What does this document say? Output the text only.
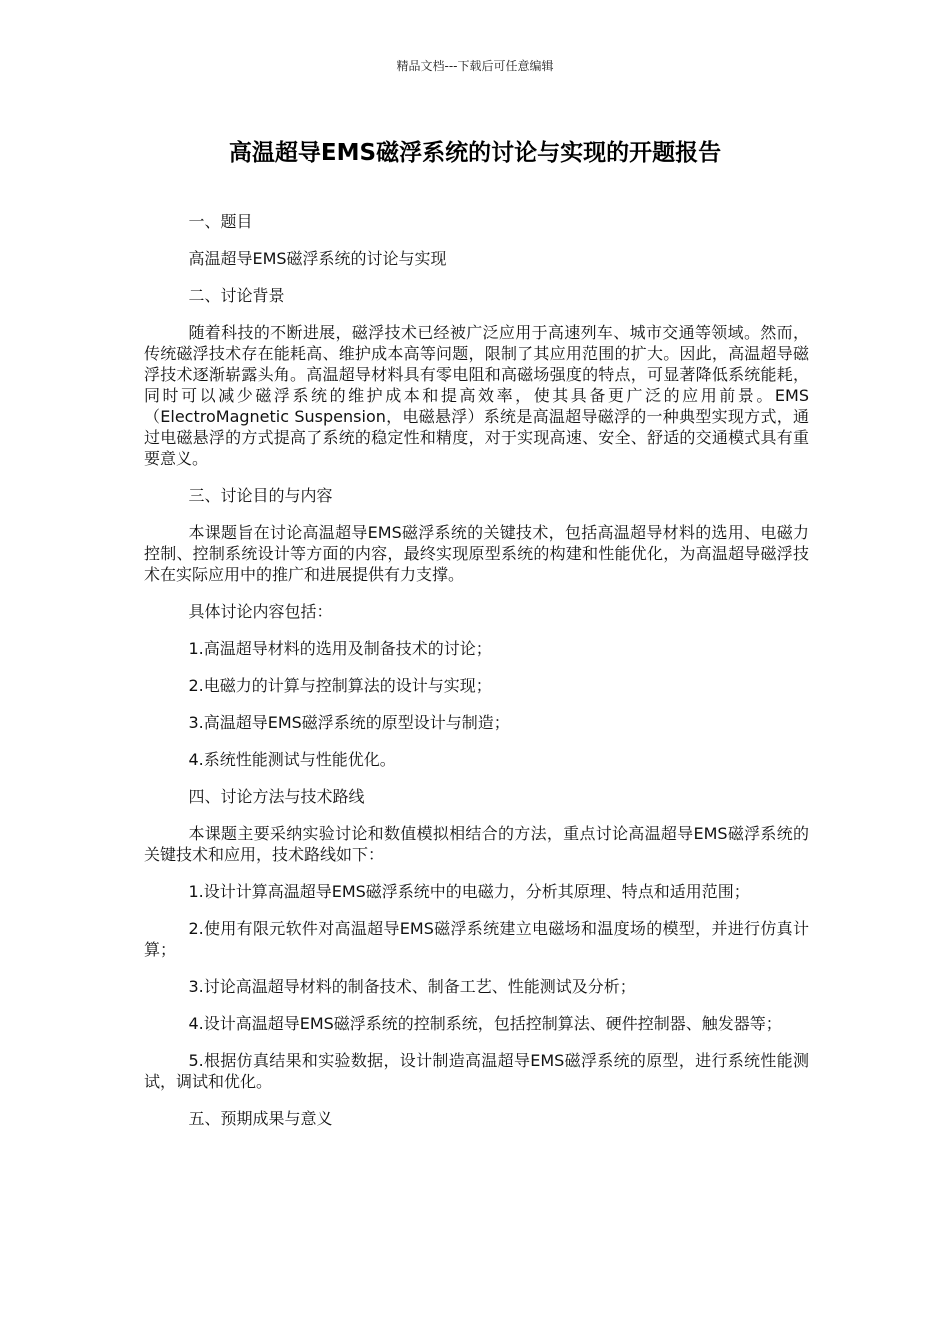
精品文档---下载后可任意编辑
高温超导EMS磁浮系统的讨论与实现的开题报告

一、题目

高温超导EMS磁浮系统的讨论与实现

二、讨论背景

随着科技的不断进展，磁浮技术已经被广泛应用于高速列车、城市交通等领域。然而，传统磁浮技术存在能耗高、维护成本高等问题，限制了其应用范围的扩大。因此，高温超导磁浮技术逐渐崭露头角。高温超导材料具有零电阻和高磁场强度的特点，可显著降低系统能耗，同时可以减少磁浮系统的维护成本和提高效率，使其具备更广泛的应用前景。EMS（ElectroMagnetic Suspension，电磁悬浮）系统是高温超导磁浮的一种典型实现方式，通过电磁悬浮的方式提高了系统的稳定性和精度，对于实现高速、安全、舒适的交通模式具有重要意义。

三、讨论目的与内容

本课题旨在讨论高温超导EMS磁浮系统的关键技术，包括高温超导材料的选用、电磁力控制、控制系统设计等方面的内容，最终实现原型系统的构建和性能优化，为高温超导磁浮技术在实际应用中的推广和进展提供有力支撑。

具体讨论内容包括：

1.高温超导材料的选用及制备技术的讨论；

2.电磁力的计算与控制算法的设计与实现；

3.高温超导EMS磁浮系统的原型设计与制造；

4.系统性能测试与性能优化。

四、讨论方法与技术路线

本课题主要采纳实验讨论和数值模拟相结合的方法，重点讨论高温超导EMS磁浮系统的关键技术和应用，技术路线如下：

1.设计计算高温超导EMS磁浮系统中的电磁力，分析其原理、特点和适用范围；

2.使用有限元软件对高温超导EMS磁浮系统建立电磁场和温度场的模型，并进行仿真计算；

3.讨论高温超导材料的制备技术、制备工艺、性能测试及分析；

4.设计高温超导EMS磁浮系统的控制系统，包括控制算法、硬件控制器、触发器等；

5.根据仿真结果和实验数据，设计制造高温超导EMS磁浮系统的原型，进行系统性能测试，调试和优化。

五、预期成果与意义
